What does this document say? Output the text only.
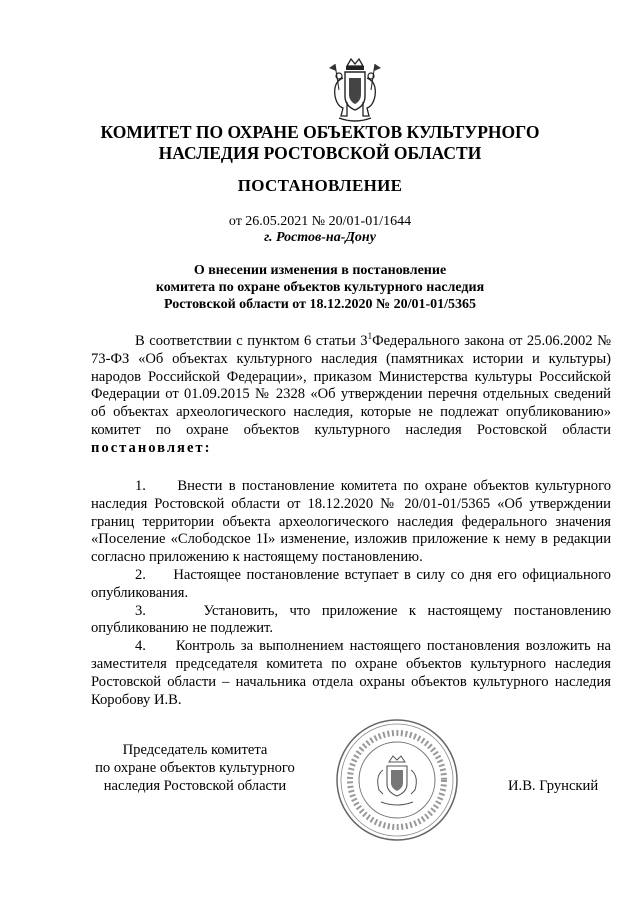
КОМИТЕТ ПО ОХРАНЕ ОБЪЕКТОВ КУЛЬТУРНОГО
НАСЛЕДИЯ РОСТОВСКОЙ ОБЛАСТИ
ПОСТАНОВЛЕНИЕ
от 26.05.2021 № 20/01-01/1644
г. Ростов-на-Дону
О внесении изменения в постановление
комитета по охране объектов культурного наследия
Ростовской области от 18.12.2020 № 20/01-01/5365

В соответствии с пунктом 6 статьи $3^1Федерального$ закона от 25.06.2002 № 73-ФЗ «Об объектах культурного наследия (памятниках истории и культуры) народов Российской Федерации», приказом Министерства культуры Российской Федерации от 01.09.2015 № 2328 «Об утверждении перечня отдельных сведений об объектах археологического наследия, которые не подлежат опубликованию» комитет по охране объектов культурного наследия Ростовской области постановляет:

1. Внести в постановление комитета по охране объектов культурного наследия Ростовской области от 18.12.2020 № 20/01-01/5365 «Об утверждении границ территории объекта археологического наследия федерального значения «Поселение «Слободское 1I» изменение, изложив приложение к нему в редакции согласно приложению к настоящему постановлению.

2. Настоящее постановление вступает в силу со дня его официального опубликования.

3.	Установить, что приложение к настоящему постановлению опубликованию не подлежит.

4. Контроль за выполнением настоящего постановления возложить на заместителя председателя комитета по охране объектов культурного наследия Ростовской области – начальника отдела охраны объектов культурного наследия Коробову И.В.

Председатель комитета
по охране объектов культурного
наследия Ростовской области	И.В. Грунский
